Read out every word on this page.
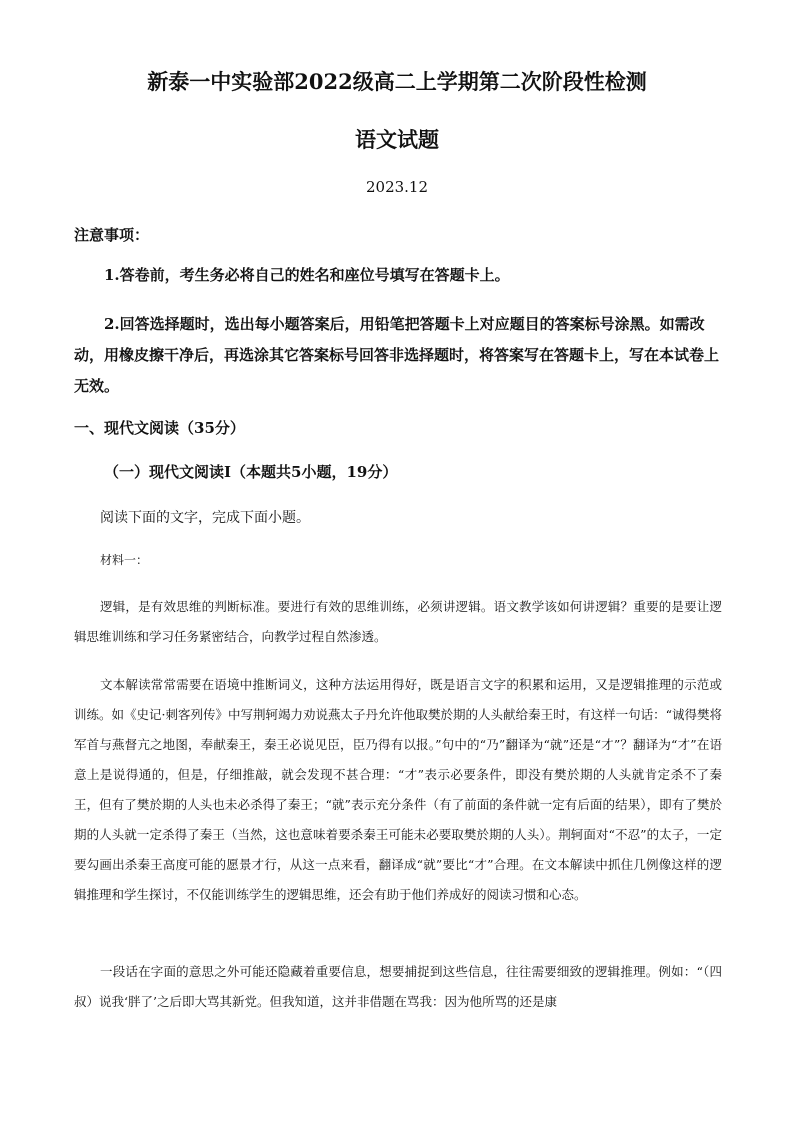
新泰一中实验部2022级高二上学期第二次阶段性检测
语文试题
2023.12
注意事项：
1.答卷前，考生务必将自己的姓名和座位号填写在答题卡上。
2.回答选择题时，选出每小题答案后，用铅笔把答题卡上对应题目的答案标号涂黑。如需改动，用橡皮擦干净后，再选涂其它答案标号回答非选择题时，将答案写在答题卡上，写在本试卷上无效。
一、现代文阅读（35分）
（一）现代文阅读Ⅰ（本题共5小题，19分）
阅读下面的文字，完成下面小题。
材料一：
逻辑，是有效思维的判断标准。要进行有效的思维训练，必须讲逻辑。语文教学该如何讲逻辑？重要的是要让逻辑思维训练和学习任务紧密结合，向教学过程自然渗透。
文本解读常常需要在语境中推断词义，这种方法运用得好，既是语言文字的积累和运用，又是逻辑推理的示范或训练。如《史记·刺客列传》中写荆轲竭力劝说燕太子丹允许他取樊於期的人头献给秦王时，有这样一句话：“诚得樊将军首与燕督亢之地图，奉献秦王，秦王必说见臣，臣乃得有以报。”句中的“乃”翻译为“就”还是“才”？翻译为“才”在语意上是说得通的，但是，仔细推敲，就会发现不甚合理：“才”表示必要条件，即没有樊於期的人头就肯定杀不了秦王，但有了樊於期的人头也未必杀得了秦王；“就”表示充分条件（有了前面的条件就一定有后面的结果），即有了樊於期的人头就一定杀得了秦王（当然，这也意味着要杀秦王可能未必要取樊於期的人头）。荆轲面对“不忍”的太子，一定要勾画出杀秦王高度可能的愿景才行，从这一点来看，翻译成“就”要比“才”合理。在文本解读中抓住几例像这样的逻辑推理和学生探讨，不仅能训练学生的逻辑思维，还会有助于他们养成好的阅读习惯和心态。
一段话在字面的意思之外可能还隐藏着重要信息，想要捕捉到这些信息，往往需要细致的逻辑推理。例如：“（四叔）说我‘胖了’之后即大骂其新党。但我知道，这并非借题在骂我：因为他所骂的还是康
